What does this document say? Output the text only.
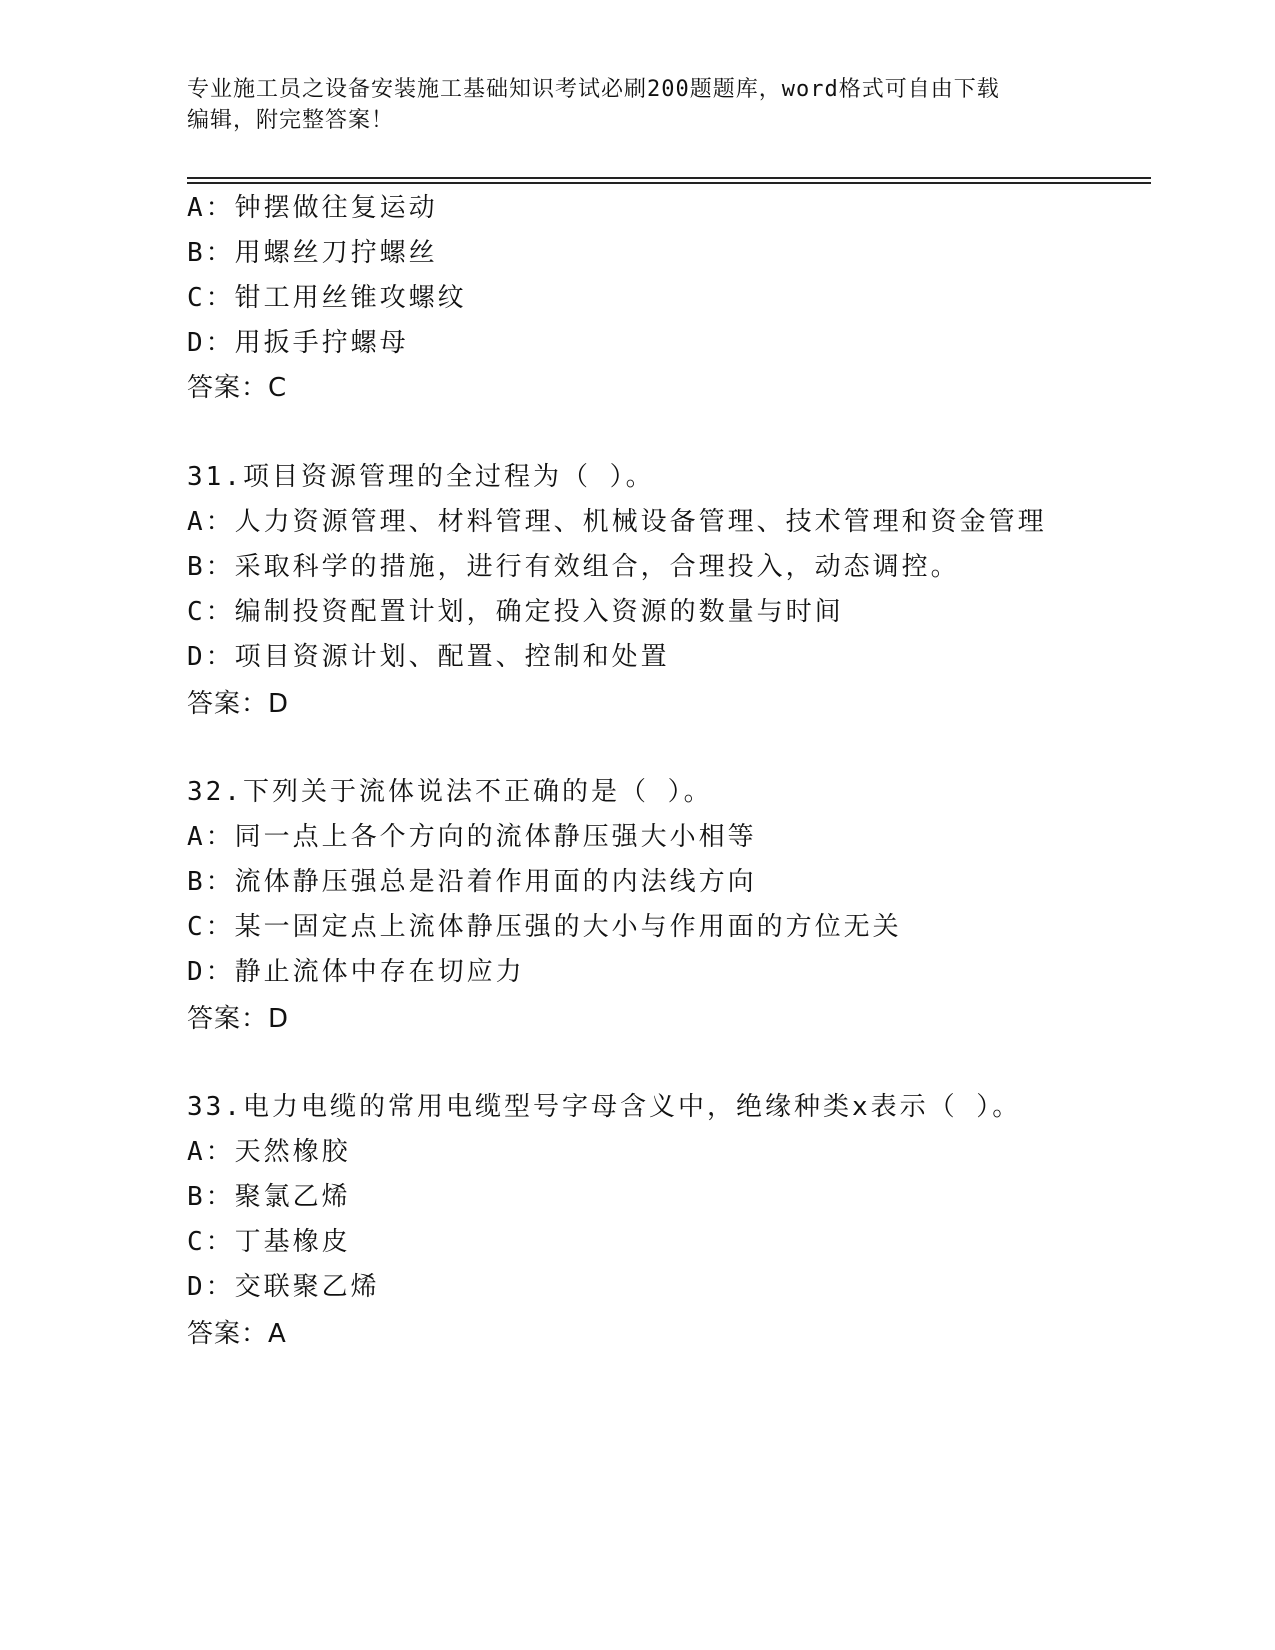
专业施工员之设备安装施工基础知识考试必刷200题题库，word格式可自由下载
编辑，附完整答案！
A：钟摆做往复运动
B：用螺丝刀拧螺丝
C：钳工用丝锥攻螺纹
D：用扳手拧螺母
答案：C
31.项目资源管理的全过程为（ ）。
A：人力资源管理、材料管理、机械设备管理、技术管理和资金管理
B：采取科学的措施，进行有效组合，合理投入，动态调控。
C：编制投资配置计划，确定投入资源的数量与时间
D：项目资源计划、配置、控制和处置
答案：D
32.下列关于流体说法不正确的是（ ）。
A：同一点上各个方向的流体静压强大小相等
B：流体静压强总是沿着作用面的内法线方向
C：某一固定点上流体静压强的大小与作用面的方位无关
D：静止流体中存在切应力
答案：D
33.电力电缆的常用电缆型号字母含义中，绝缘种类x表示（ ）。
A：天然橡胶
B：聚氯乙烯
C：丁基橡皮
D：交联聚乙烯
答案：A
